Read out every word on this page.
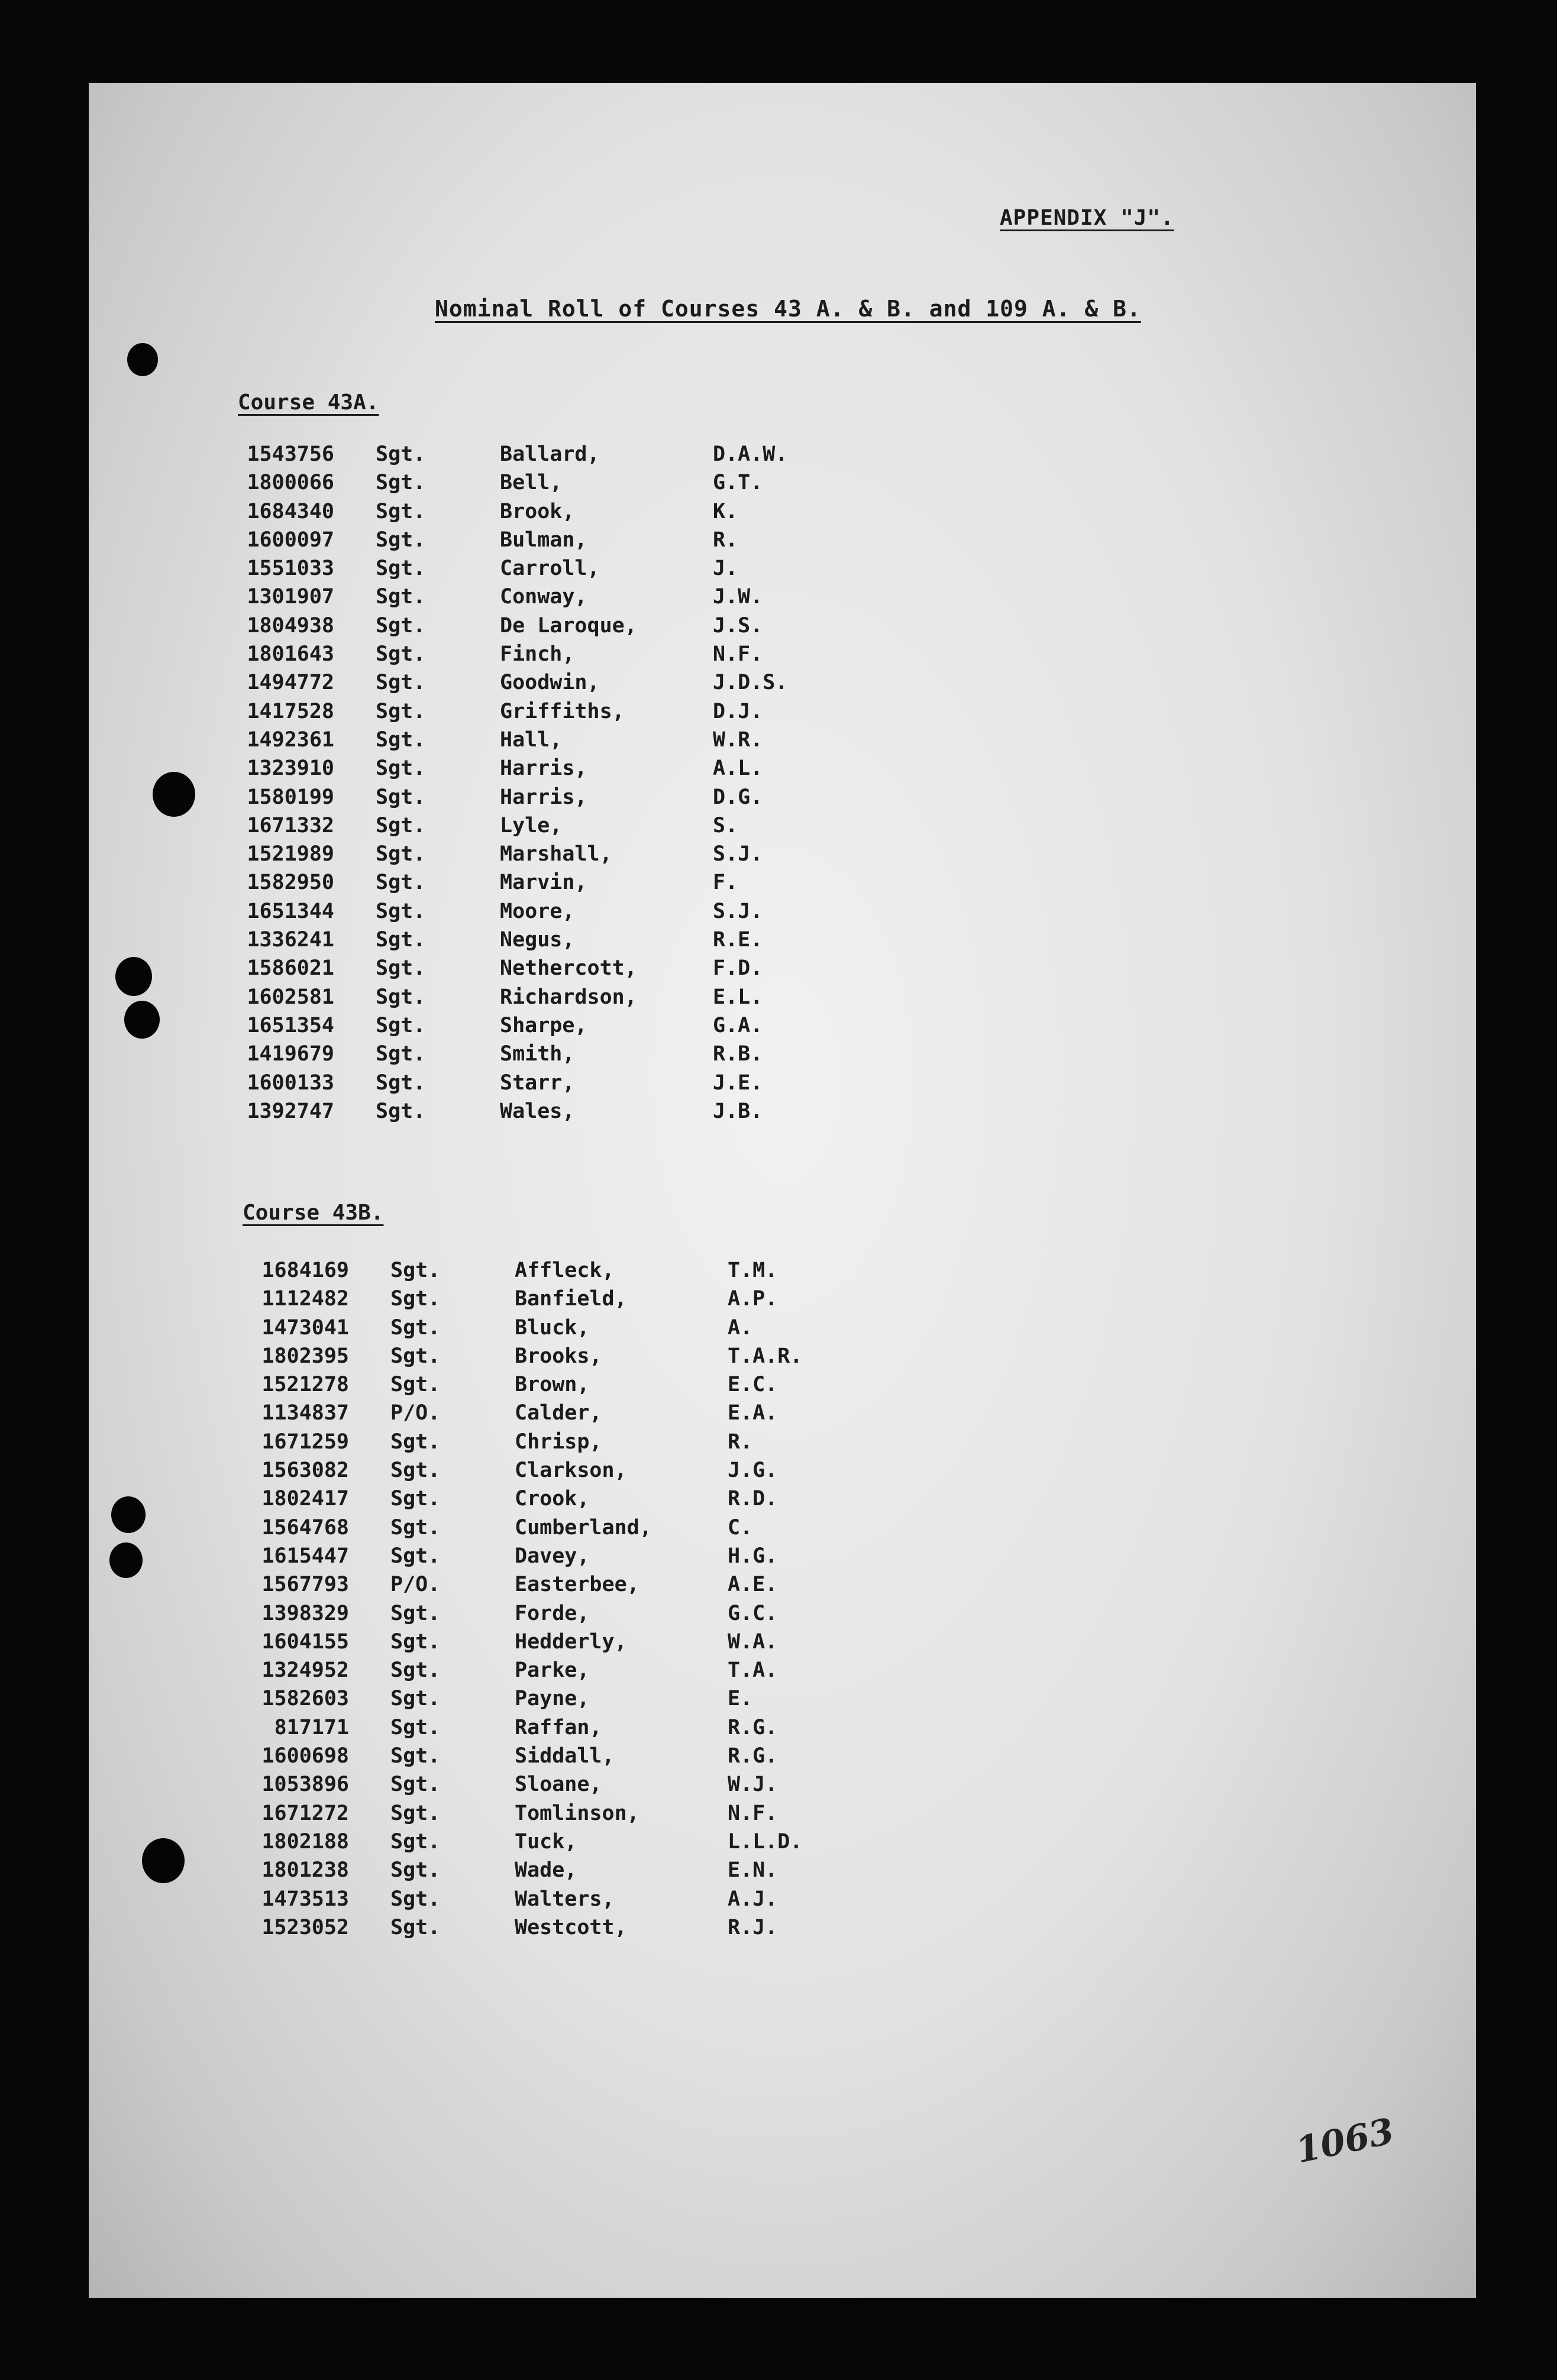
APPENDIX "J".
Nominal Roll of Courses 43 A. & B. and 109 A. & B.
Course 43A.
1543756 Sgt.	Ballard,	D.A.W.
1800066 Sgt.	Bell,	G.T.
1684340 Sgt.	Brook,	K.
1600097 Sgt.	Bulman,	R.
1551033 Sgt.	Carroll,	J.
1301907 Sgt.	Conway,	J.W.
1804938 Sgt.	De Laroque,	J.S.
1801643 Sgt.	Finch,	N.F.
1494772 Sgt.	Goodwin,	J.D.S.
1417528 Sgt.	Griffiths,	D.J.
1492361 Sgt.	Hall,	W.R.
1323910 Sgt.	Harris,	A.L.
1580199 Sgt.	Harris,	D.G.
1671332 Sgt.	Lyle,	S.
1521989 Sgt.	Marshall,	S.J.
1582950 Sgt.	Marvin,	F.
1651344 Sgt.	Moore,	S.J.
1336241 Sgt.	Negus,	R.E.
1586021 Sgt.	Nethercott,	F.D.
1602581 Sgt.	Richardson,	E.L.
1651354 Sgt.	Sharpe,	G.A.
1419679 Sgt.	Smith,	R.B.
1600133 Sgt.	Starr,	J.E.
1392747 Sgt.	Wales,	J.B.
Course 43B.
1684169 Sgt.	Affleck,	T.M.
1112482 Sgt.	Banfield,	A.P.
1473041 Sgt.	Bluck,	A.
1802395 Sgt.	Brooks,	T.A.R.
1521278 Sgt.	Brown,	E.C.
1134837 P/O.	Calder,	E.A.
1671259 Sgt.	Chrisp,	R.
1563082 Sgt.	Clarkson,	J.G.
1802417 Sgt.	Crook,	R.D.
1564768 Sgt.	Cumberland,	C.
1615447 Sgt.	Davey,	H.G.
1567793 P/O.	Easterbee,	A.E.
1398329 Sgt.	Forde,	G.C.
1604155 Sgt.	Hedderly,	W.A.
1324952 Sgt.	Parke,	T.A.
1582603 Sgt.	Payne,	E.
817171 Sgt.	Raffan,	R.G.
1600698 Sgt.	Siddall,	R.G.
1053896 Sgt.	Sloane,	W.J.
1671272 Sgt.	Tomlinson,	N.F.
1802188 Sgt.	Tuck,	L.L.D.
1801238 Sgt.	Wade,	E.N.
1473513 Sgt.	Walters,	A.J.
1523052 Sgt.	Westcott,	R.J.
1063
